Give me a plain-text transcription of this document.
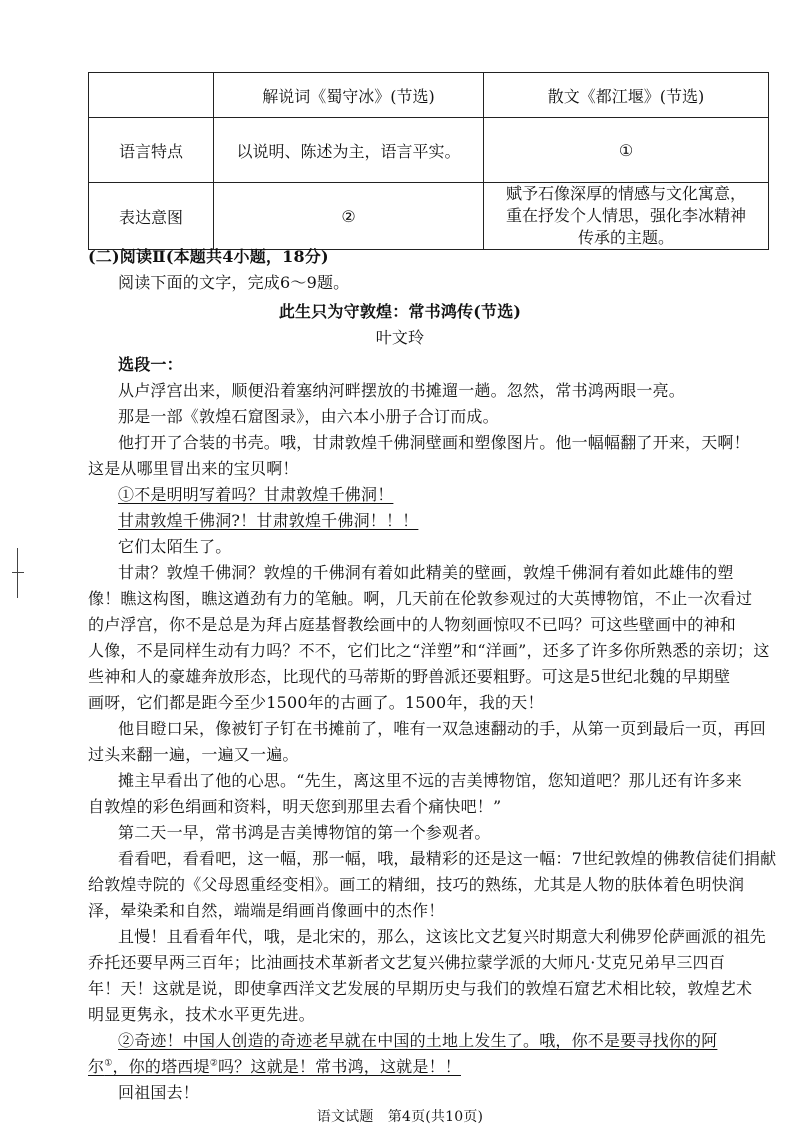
	解说词《蜀守冰》(节选)	散文《都江堰》(节选)
语言特点	以说明、陈述为主，语言平实。	①
表达意图	②	赋予石像深厚的情感与文化寓意，
重在抒发个人情思，强化李冰精神
传承的主题。
(二)阅读Ⅱ(本题共4小题，18分)
阅读下面的文字，完成6～9题。
此生只为守敦煌：常书鸿传(节选)
叶文玲
选段一：
从卢浮宫出来，顺便沿着塞纳河畔摆放的书摊遛一趟。忽然，常书鸿两眼一亮。
那是一部《敦煌石窟图录》，由六本小册子合订而成。
他打开了合装的书壳。哦，甘肃敦煌千佛洞壁画和塑像图片。他一幅幅翻了开来，天啊！
这是从哪里冒出来的宝贝啊！
①不是明明写着吗？甘肃敦煌千佛洞！
甘肃敦煌千佛洞?！甘肃敦煌千佛洞！！！
它们太陌生了。
甘肃？敦煌千佛洞？敦煌的千佛洞有着如此精美的壁画，敦煌千佛洞有着如此雄伟的塑
像！瞧这构图，瞧这遒劲有力的笔触。啊，几天前在伦敦参观过的大英博物馆，不止一次看过
的卢浮宫，你不是总是为拜占庭基督教绘画中的人物刻画惊叹不已吗？可这些壁画中的神和
人像，不是同样生动有力吗？不不，它们比之“洋塑”和“洋画”，还多了许多你所熟悉的亲切；这
些神和人的豪雄奔放形态，比现代的马蒂斯的野兽派还要粗野。可这是5世纪北魏的早期壁
画呀，它们都是距今至少1500年的古画了。1500年，我的天！
他目瞪口呆，像被钉子钉在书摊前了，唯有一双急速翻动的手，从第一页到最后一页，再回
过头来翻一遍，一遍又一遍。
摊主早看出了他的心思。“先生，离这里不远的吉美博物馆，您知道吧？那儿还有许多来
自敦煌的彩色绢画和资料，明天您到那里去看个痛快吧！”
第二天一早，常书鸿是吉美博物馆的第一个参观者。
看看吧，看看吧，这一幅，那一幅，哦，最精彩的还是这一幅：7世纪敦煌的佛教信徒们捐献
给敦煌寺院的《父母恩重经变相》。画工的精细，技巧的熟练，尤其是人物的肤体着色明快润
泽，晕染柔和自然，端端是绢画肖像画中的杰作！
且慢！且看看年代，哦，是北宋的，那么，这该比文艺复兴时期意大利佛罗伦萨画派的祖先
乔托还要早两三百年；比油画技术革新者文艺复兴佛拉蒙学派的大师凡·艾克兄弟早三四百
年！天！这就是说，即使拿西洋文艺发展的早期历史与我们的敦煌石窟艺术相比较，敦煌艺术
明显更隽永，技术水平更先进。
②奇迹！中国人创造的奇迹老早就在中国的土地上发生了。哦，你不是要寻找你的阿
尔①，你的塔西堤②吗？这就是！常书鸿，这就是！！
回祖国去！
语文试题　第4页(共10页)
